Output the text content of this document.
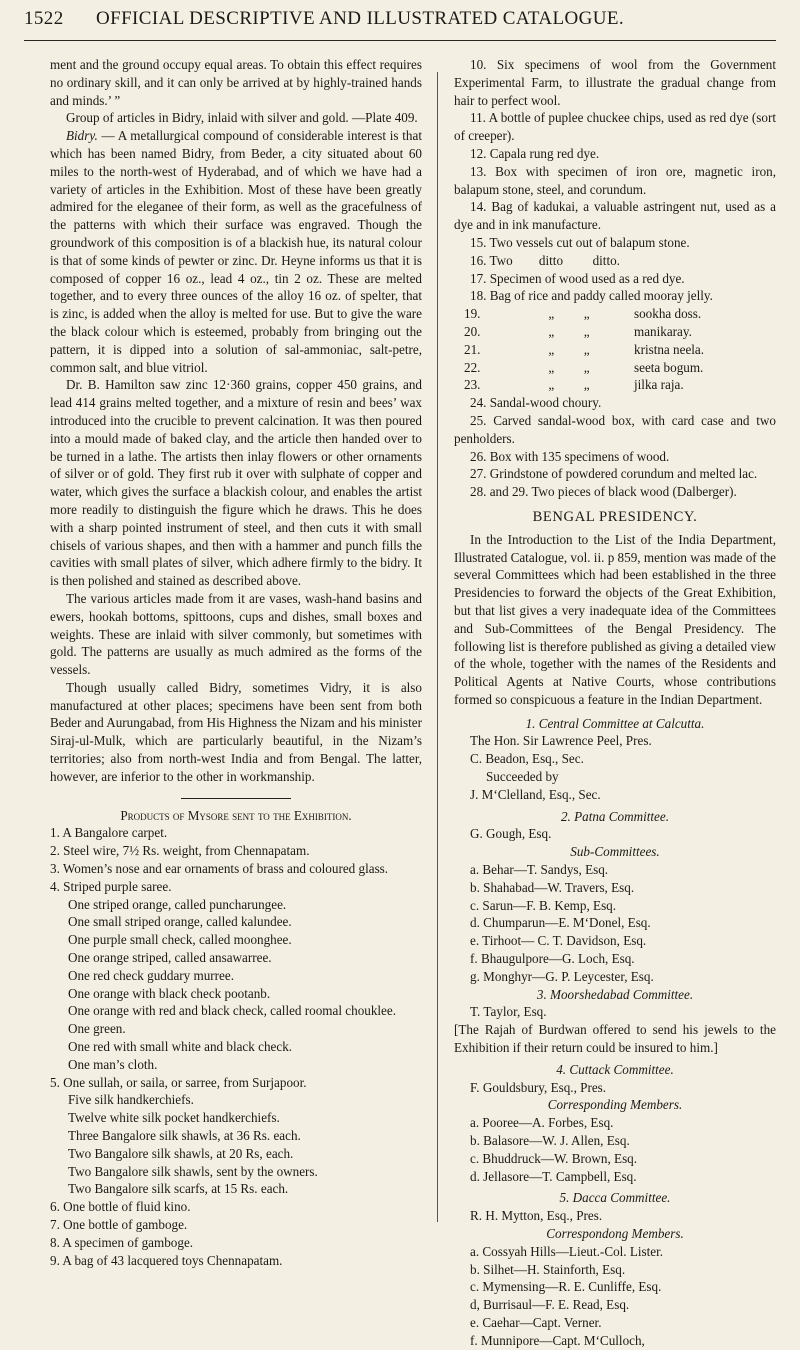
1522 OFFICIAL DESCRIPTIVE AND ILLUSTRATED CATALOGUE.

ment and the ground occupy equal areas. To obtain this effect requires no ordinary skill, and it can only be arrived at by highly-trained hands and minds.’ ”

Group of articles in Bidry, inlaid with silver and gold. —Plate 409.

Bidry. — A metallurgical compound of considerable interest is that which has been named Bidry, from Beder, a city situated about 60 miles to the north-west of Hyderabad, and of which we have had a variety of articles in the Exhibition. Most of these have been greatly admired for the eleganee of their form, as well as the gracefulness of the patterns with which their surface was engraved. Though the groundwork of this composition is of a blackish hue, its natural colour is that of some kinds of pewter or zinc. Dr. Heyne informs us that it is composed of copper 16 oz., lead 4 oz., tin 2 oz. These are melted together, and to every three ounces of the alloy 16 oz. of spelter, that is zinc, is added when the alloy is melted for use. But to give the ware the black colour which is esteemed, probably from bringing out the pattern, it is dipped into a solution of sal-ammoniac, salt-petre, common salt, and blue vitriol.

Dr. B. Hamilton saw zinc 12·360 grains, copper 450 grains, and lead 414 grains melted together, and a mixture of resin and bees’ wax introduced into the crucible to prevent calcination. It was then poured into a mould made of baked clay, and the article then handed over to be turned in a lathe. The artists then inlay flowers or other ornaments of silver or of gold. They first rub it over with sulphate of copper and water, which gives the surface a blackish colour, and enables the artist more readily to distinguish the figure which he draws. This he does with a sharp pointed instrument of steel, and then cuts it with small chisels of various shapes, and then with a hammer and punch fills the cavities with small plates of silver, which adhere firmly to the bidry. It is then polished and stained as described above.

The various articles made from it are vases, wash-hand basins and ewers, hookah bottoms, spittoons, cups and dishes, small boxes and weights. These are inlaid with silver commonly, but sometimes with gold. The patterns are usually as much admired as the forms of the vessels.

Though usually called Bidry, sometimes Vidry, it is also manufactured at other places; specimens have been sent from both Beder and Aurungabad, from His Highness the Nizam and his minister Siraj-ul-Mulk, which are particularly beautiful, in the Nizam’s territories; also from north-west India and from Bengal. The latter, however, are inferior to the other in workmanship.

Products of Mysore sent to the Exhibition.

1. A Bangalore carpet.

2. Steel wire, 7½ Rs. weight, from Chennapatam.

3. Women’s nose and ear ornaments of brass and coloured glass.

4. Striped purple saree.

One striped orange, called puncharungee.

One small striped orange, called kalundee.

One purple small check, called moonghee.

One orange striped, called ansawarree.

One red check guddary murree.

One orange with black check pootanb.

One orange with red and black check, called roomal chouklee.

One green.

One red with small white and black check.

One man’s cloth.

5. One sullah, or saila, or sarree, from Surjapoor.

Five silk handkerchiefs.

Twelve white silk pocket handkerchiefs.

Three Bangalore silk shawls, at 36 Rs. each.

Two Bangalore silk shawls, at 20 Rs, each.

Two Bangalore silk shawls, sent by the owners.

Two Bangalore silk scarfs, at 15 Rs. each.

6. One bottle of fluid kino.

7. One bottle of gamboge.

8. A specimen of gamboge.

9. A bag of 43 lacquered toys Chennapatam.

10. Six specimens of wool from the Government Experimental Farm, to illustrate the gradual change from hair to perfect wool.

11. A bottle of puplee chuckee chips, used as red dye (sort of creeper).

12. Capala rung red dye.

13. Box with specimen of iron ore, magnetic iron, balapum stone, steel, and corundum.

14. Bag of kadukai, a valuable astringent nut, used as a dye and in ink manufacture.

15. Two vessels cut out of balapum stone.

16. Two        ditto         ditto.

17. Specimen of wood used as a red dye.

18. Bag of rice and paddy called mooray jelly.

19.	„         „	sookha doss.
20.	„         „	manikaray.
21.	„         „	kristna neela.
22.	„         „	seeta bogum.
23.	„         „	jilka raja.

24. Sandal-wood choury.

25. Carved sandal-wood box, with card case and two penholders.

26. Box with 135 specimens of wood.

27. Grindstone of powdered corundum and melted lac.

28. and 29. Two pieces of black wood (Dalberger).

BENGAL PRESIDENCY.

In the Introduction to the List of the India Department, Illustrated Catalogue, vol. ii. p 859, mention was made of the several Committees which had been established in the three Presidencies to forward the objects of the Great Exhibition, but that list gives a very inadequate idea of the Committees and Sub-Committees of the Bengal Presidency. The following list is therefore published as giving a detailed view of the whole, together with the names of the Residents and Political Agents at Native Courts, whose contributions formed so conspicuous a feature in the Indian Department.

1. Central Committee at Calcutta.

The Hon. Sir Lawrence Peel, Pres.

C. Beadon, Esq., Sec.

Succeeded by

J. M‘Clelland, Esq., Sec.

2. Patna Committee.

G. Gough, Esq.

Sub-Committees.

a. Behar—T. Sandys, Esq.

b. Shahabad—W. Travers, Esq.

c. Sarun—F. B. Kemp, Esq.

d. Chumparun—E. M‘Donel, Esq.

e. Tirhoot— C. T. Davidson, Esq.

f. Bhaugulpore—G. Loch, Esq.

g. Monghyr—G. P. Leycester, Esq.

3. Moorshedabad Committee.

T. Taylor, Esq.

[The Rajah of Burdwan offered to send his jewels to the Exhibition if their return could be insured to him.]

4. Cuttack Committee.

F. Gouldsbury, Esq., Pres.

Corresponding Members.

a. Pooree—A. Forbes, Esq.

b. Balasore—W. J. Allen, Esq.

c. Bhuddruck—W. Brown, Esq.

d. Jellasore—T. Campbell, Esq.

5. Dacca Committee.

R. H. Mytton, Esq., Pres.

Correspondong Members.

a. Cossyah Hills—Lieut.-Col. Lister.

b. Silhet—H. Stainforth, Esq.

c. Mymensing—R. E. Cunliffe, Esq.

d, Burrisaul—F. E. Read, Esq.

e. Caehar—Capt. Verner.

f. Munnipore—Capt. M‘Culloch,
